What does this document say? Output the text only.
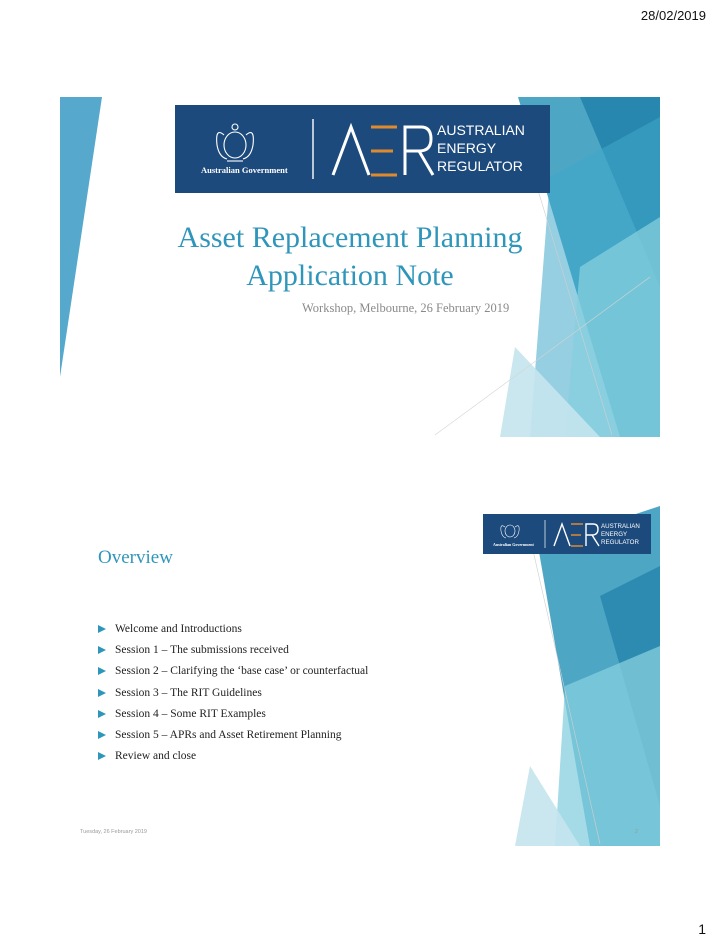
28/02/2019
Australian Government
AUSTRALIAN
ENERGY
REGULATOR
Asset Replacement Planning
Application Note
Workshop, Melbourne, 26 February 2019
Australian Government
AUSTRALIAN
ENERGY
REGULATOR
Overview
Welcome and Introductions
Session 1 – The submissions received
Session 2 – Clarifying the ‘base case’ or counterfactual
Session 3 – The RIT Guidelines
Session 4 – Some RIT Examples
Session 5 – APRs and Asset Retirement Planning
Review and close
Tuesday, 26 February 2019	2
1
